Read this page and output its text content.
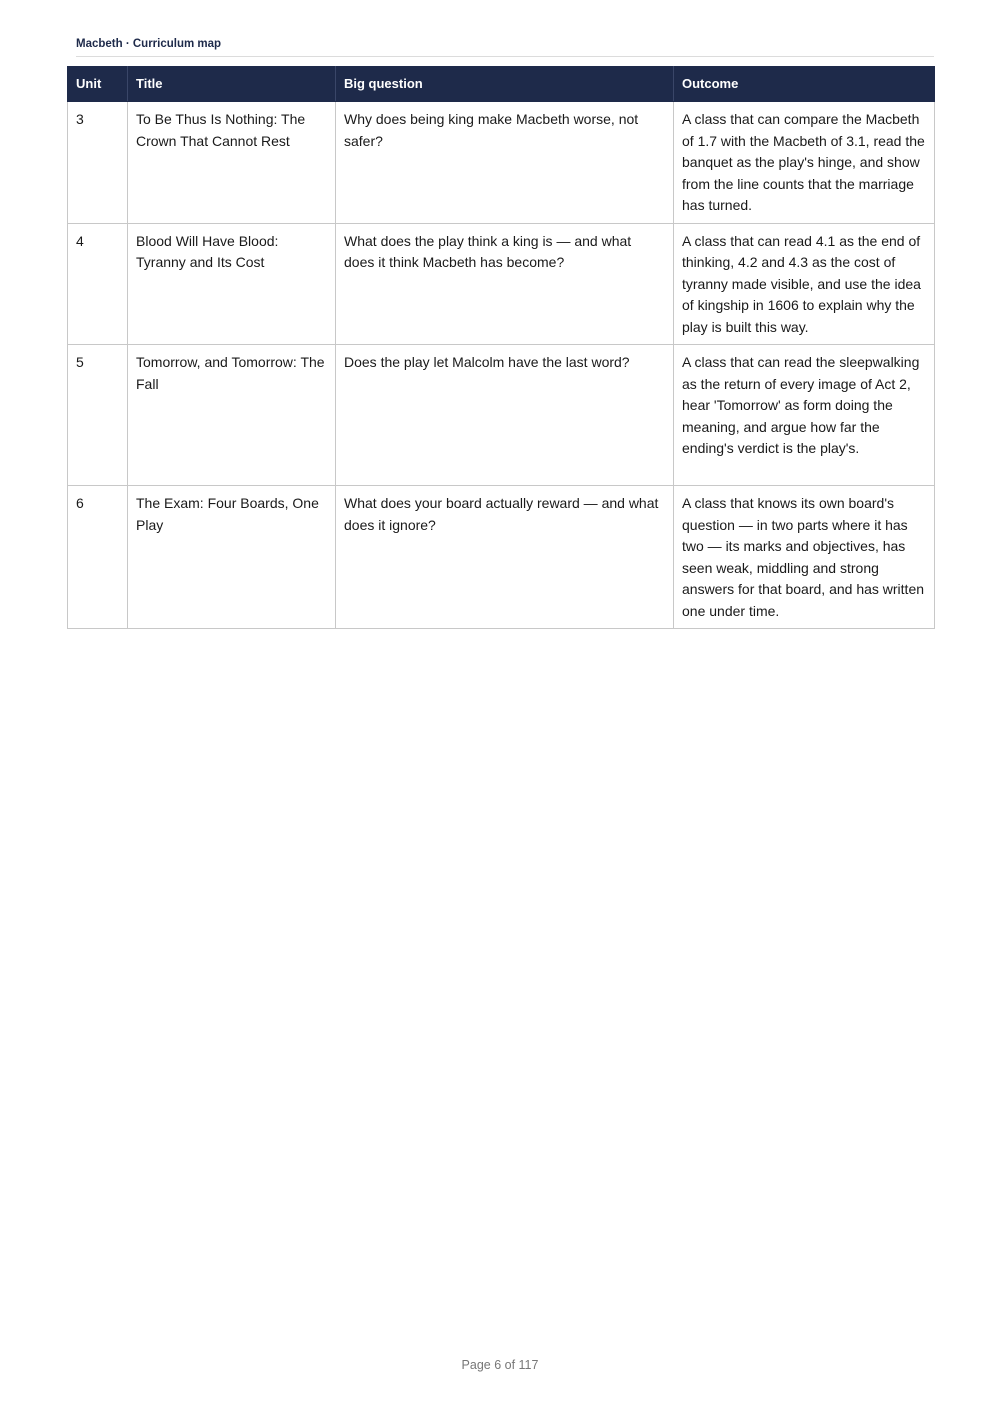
Macbeth · Curriculum map
Unit	Title	Big question	Outcome
3	To Be Thus Is Nothing: The Crown That Cannot Rest	Why does being king make Macbeth worse, not safer?	A class that can compare the Macbeth of 1.7 with the Macbeth of 3.1, read the banquet as the play's hinge, and show from the line counts that the marriage has turned.
4	Blood Will Have Blood: Tyranny and Its Cost	What does the play think a king is — and what does it think Macbeth has become?	A class that can read 4.1 as the end of thinking, 4.2 and 4.3 as the cost of tyranny made visible, and use the idea of kingship in 1606 to explain why the play is built this way.
5	Tomorrow, and Tomorrow: The Fall	Does the play let Malcolm have the last word?	A class that can read the sleepwalking as the return of every image of Act 2, hear 'Tomorrow' as form doing the meaning, and argue how far the ending's verdict is the play's.
6	The Exam: Four Boards, One Play	What does your board actually reward — and what does it ignore?	A class that knows its own board's question — in two parts where it has two — its marks and objectives, has seen weak, middling and strong answers for that board, and has written one under time.
Page 6 of 117
